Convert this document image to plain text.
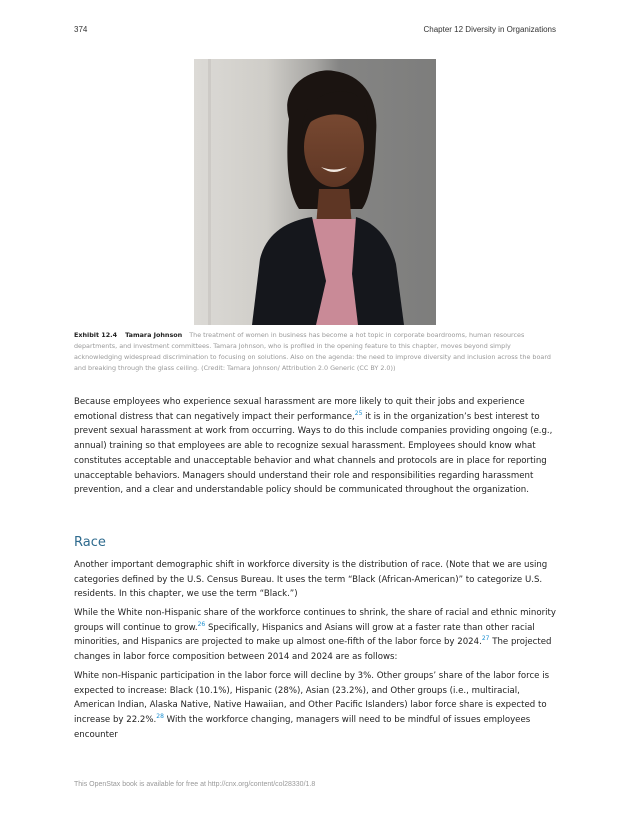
374	Chapter 12 Diversity in Organizations
Exhibit 12.4 Tamara Johnson The treatment of women in business has become a hot topic in corporate boardrooms, human resources departments, and investment committees. Tamara Johnson, who is profiled in the opening feature to this chapter, moves beyond simply acknowledging widespread discrimination to focusing on solutions. Also on the agenda: the need to improve diversity and inclusion across the board and breaking through the glass ceiling. (Credit: Tamara Johnson/ Attribution 2.0 Generic (CC BY 2.0))

Because employees who experience sexual harassment are more likely to quit their jobs and experience emotional distress that can negatively impact their performance,$^{25}$ it is in the organization’s best interest to prevent sexual harassment at work from occurring. Ways to do this include companies providing ongoing (e.g., annual) training so that employees are able to recognize sexual harassment. Employees should know what constitutes acceptable and unacceptable behavior and what channels and protocols are in place for reporting unacceptable behaviors. Managers should understand their role and responsibilities regarding harassment prevention, and a clear and understandable policy should be communicated throughout the organization.

Race

Another important demographic shift in workforce diversity is the distribution of race. (Note that we are using categories defined by the U.S. Census Bureau. It uses the term “Black (African-American)” to categorize U.S. residents. In this chapter, we use the term “Black.”)

While the White non-Hispanic share of the workforce continues to shrink, the share of racial and ethnic minority groups will continue to grow.$^{26}$ Specifically, Hispanics and Asians will grow at a faster rate than other racial minorities, and Hispanics are projected to make up almost one-fifth of the labor force by 2024.27 The projected changes in labor force composition between 2014 and 2024 are as follows:

White non-Hispanic participation in the labor force will decline by 3%. Other groups’ share of the labor force is expected to increase: Black (10.1%), Hispanic (28%), Asian (23.2%), and Other groups (i.e., multiracial, American Indian, Alaska Native, Native Hawaiian, and Other Pacific Islanders) labor force share is expected to increase by 22.2%.$^{28}$ With the workforce changing, managers will need to be mindful of issues employees encounter

This OpenStax book is available for free at http://cnx.org/content/col28330/1.8
